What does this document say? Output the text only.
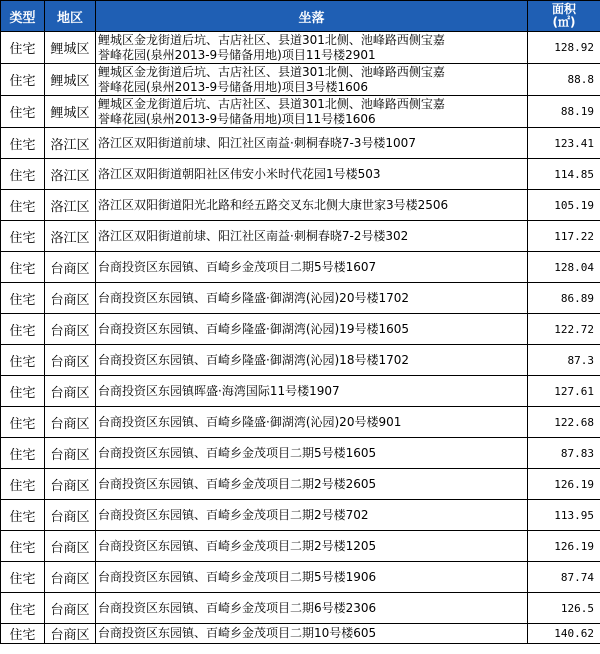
类型	地区	坐落	面积
(㎡)

住宅	鲤城区	鲤城区金龙街道后坑、古店社区、县道301北侧、池峰路西侧宝嘉
誉峰花园(泉州2013-9号储备用地)项目11号楼2901	128.92
住宅	鲤城区	鲤城区金龙街道后坑、古店社区、县道301北侧、池峰路西侧宝嘉
誉峰花园(泉州2013-9号储备用地)项目3号楼1606	88.8
住宅	鲤城区	鲤城区金龙街道后坑、古店社区、县道301北侧、池峰路西侧宝嘉
誉峰花园(泉州2013-9号储备用地)项目11号楼1606	88.19
住宅	洛江区	洛江区双阳街道前埭、阳江社区南益·刺桐春晓7-3号楼1007	123.41
住宅	洛江区	洛江区双阳街道朝阳社区伟安小米时代花园1号楼503	114.85
住宅	洛江区	洛江区双阳街道阳光北路和经五路交叉东北侧大康世家3号楼2506	105.19
住宅	洛江区	洛江区双阳街道前埭、阳江社区南益·刺桐春晓7-2号楼302	117.22
住宅	台商区	台商投资区东园镇、百崎乡金茂项目二期5号楼1607	128.04
住宅	台商区	台商投资区东园镇、百崎乡隆盛·御湖湾(沁园)20号楼1702	86.89
住宅	台商区	台商投资区东园镇、百崎乡隆盛·御湖湾(沁园)19号楼1605	122.72
住宅	台商区	台商投资区东园镇、百崎乡隆盛·御湖湾(沁园)18号楼1702	87.3
住宅	台商区	台商投资区东园镇晖盛·海湾国际11号楼1907	127.61
住宅	台商区	台商投资区东园镇、百崎乡隆盛·御湖湾(沁园)20号楼901	122.68
住宅	台商区	台商投资区东园镇、百崎乡金茂项目二期5号楼1605	87.83
住宅	台商区	台商投资区东园镇、百崎乡金茂项目二期2号楼2605	126.19
住宅	台商区	台商投资区东园镇、百崎乡金茂项目二期2号楼702	113.95
住宅	台商区	台商投资区东园镇、百崎乡金茂项目二期2号楼1205	126.19
住宅	台商区	台商投资区东园镇、百崎乡金茂项目二期5号楼1906	87.74
住宅	台商区	台商投资区东园镇、百崎乡金茂项目二期6号楼2306	126.5
住宅	台商区	台商投资区东园镇、百崎乡金茂项目二期10号楼605	140.62
